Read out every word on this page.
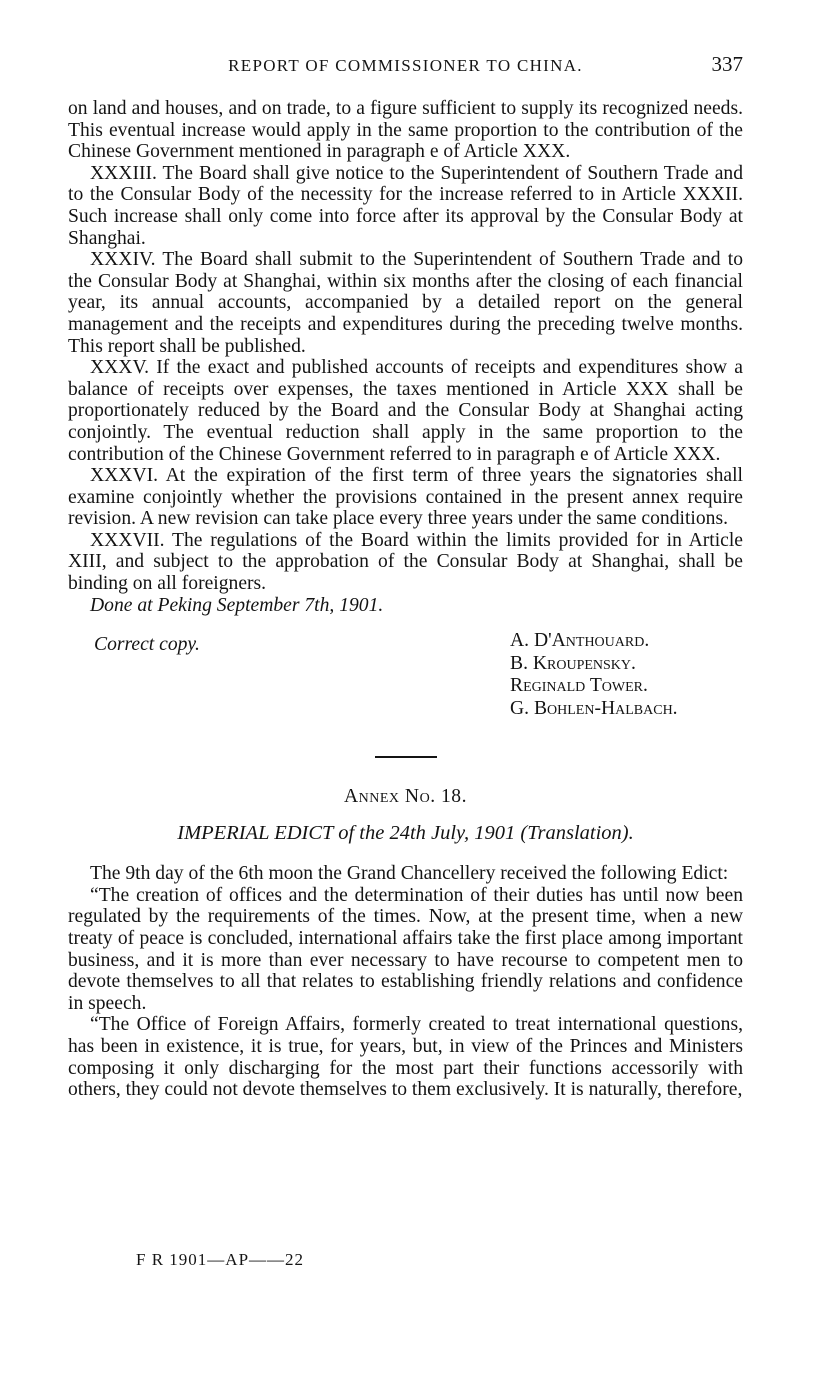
REPORT OF COMMISSIONER TO CHINA.	337

on land and houses, and on trade, to a figure sufficient to supply its recognized needs. This eventual increase would apply in the same proportion to the contribution of the Chinese Government mentioned in paragraph e of Article XXX.

XXXIII. The Board shall give notice to the Superintendent of Southern Trade and to the Consular Body of the necessity for the increase referred to in Article XXXII. Such increase shall only come into force after its approval by the Consular Body at Shanghai.

XXXIV. The Board shall submit to the Superintendent of Southern Trade and to the Consular Body at Shanghai, within six months after the closing of each financial year, its annual accounts, accompanied by a detailed report on the general management and the receipts and expenditures during the preceding twelve months. This report shall be published.

XXXV. If the exact and published accounts of receipts and expenditures show a balance of receipts over expenses, the taxes mentioned in Article XXX shall be proportionately reduced by the Board and the Consular Body at Shanghai acting conjointly. The eventual reduction shall apply in the same proportion to the contribution of the Chinese Government referred to in paragraph e of Article XXX.

XXXVI. At the expiration of the first term of three years the signatories shall examine conjointly whether the provisions contained in the present annex require revision. A new revision can take place every three years under the same conditions.

XXXVII. The regulations of the Board within the limits provided for in Article XIII, and subject to the approbation of the Consular Body at Shanghai, shall be binding on all foreigners.

Done at Peking September 7th, 1901.

Correct copy.	A. D'Anthouard.
B. Kroupensky.
Reginald Tower.
G. Bohlen-Halbach.
Annex No. 18.
IMPERIAL EDICT of the 24th July, 1901 (Translation).

The 9th day of the 6th moon the Grand Chancellery received the following Edict:

“The creation of offices and the determination of their duties has until now been regulated by the requirements of the times. Now, at the present time, when a new treaty of peace is concluded, international affairs take the first place among important business, and it is more than ever necessary to have recourse to competent men to devote themselves to all that relates to establishing friendly relations and confidence in speech.

“The Office of Foreign Affairs, formerly created to treat international questions, has been in existence, it is true, for years, but, in view of the Princes and Ministers composing it only discharging for the most part their functions accessorily with others, they could not devote themselves to them exclusively. It is naturally, therefore,

F R 1901—AP——22
